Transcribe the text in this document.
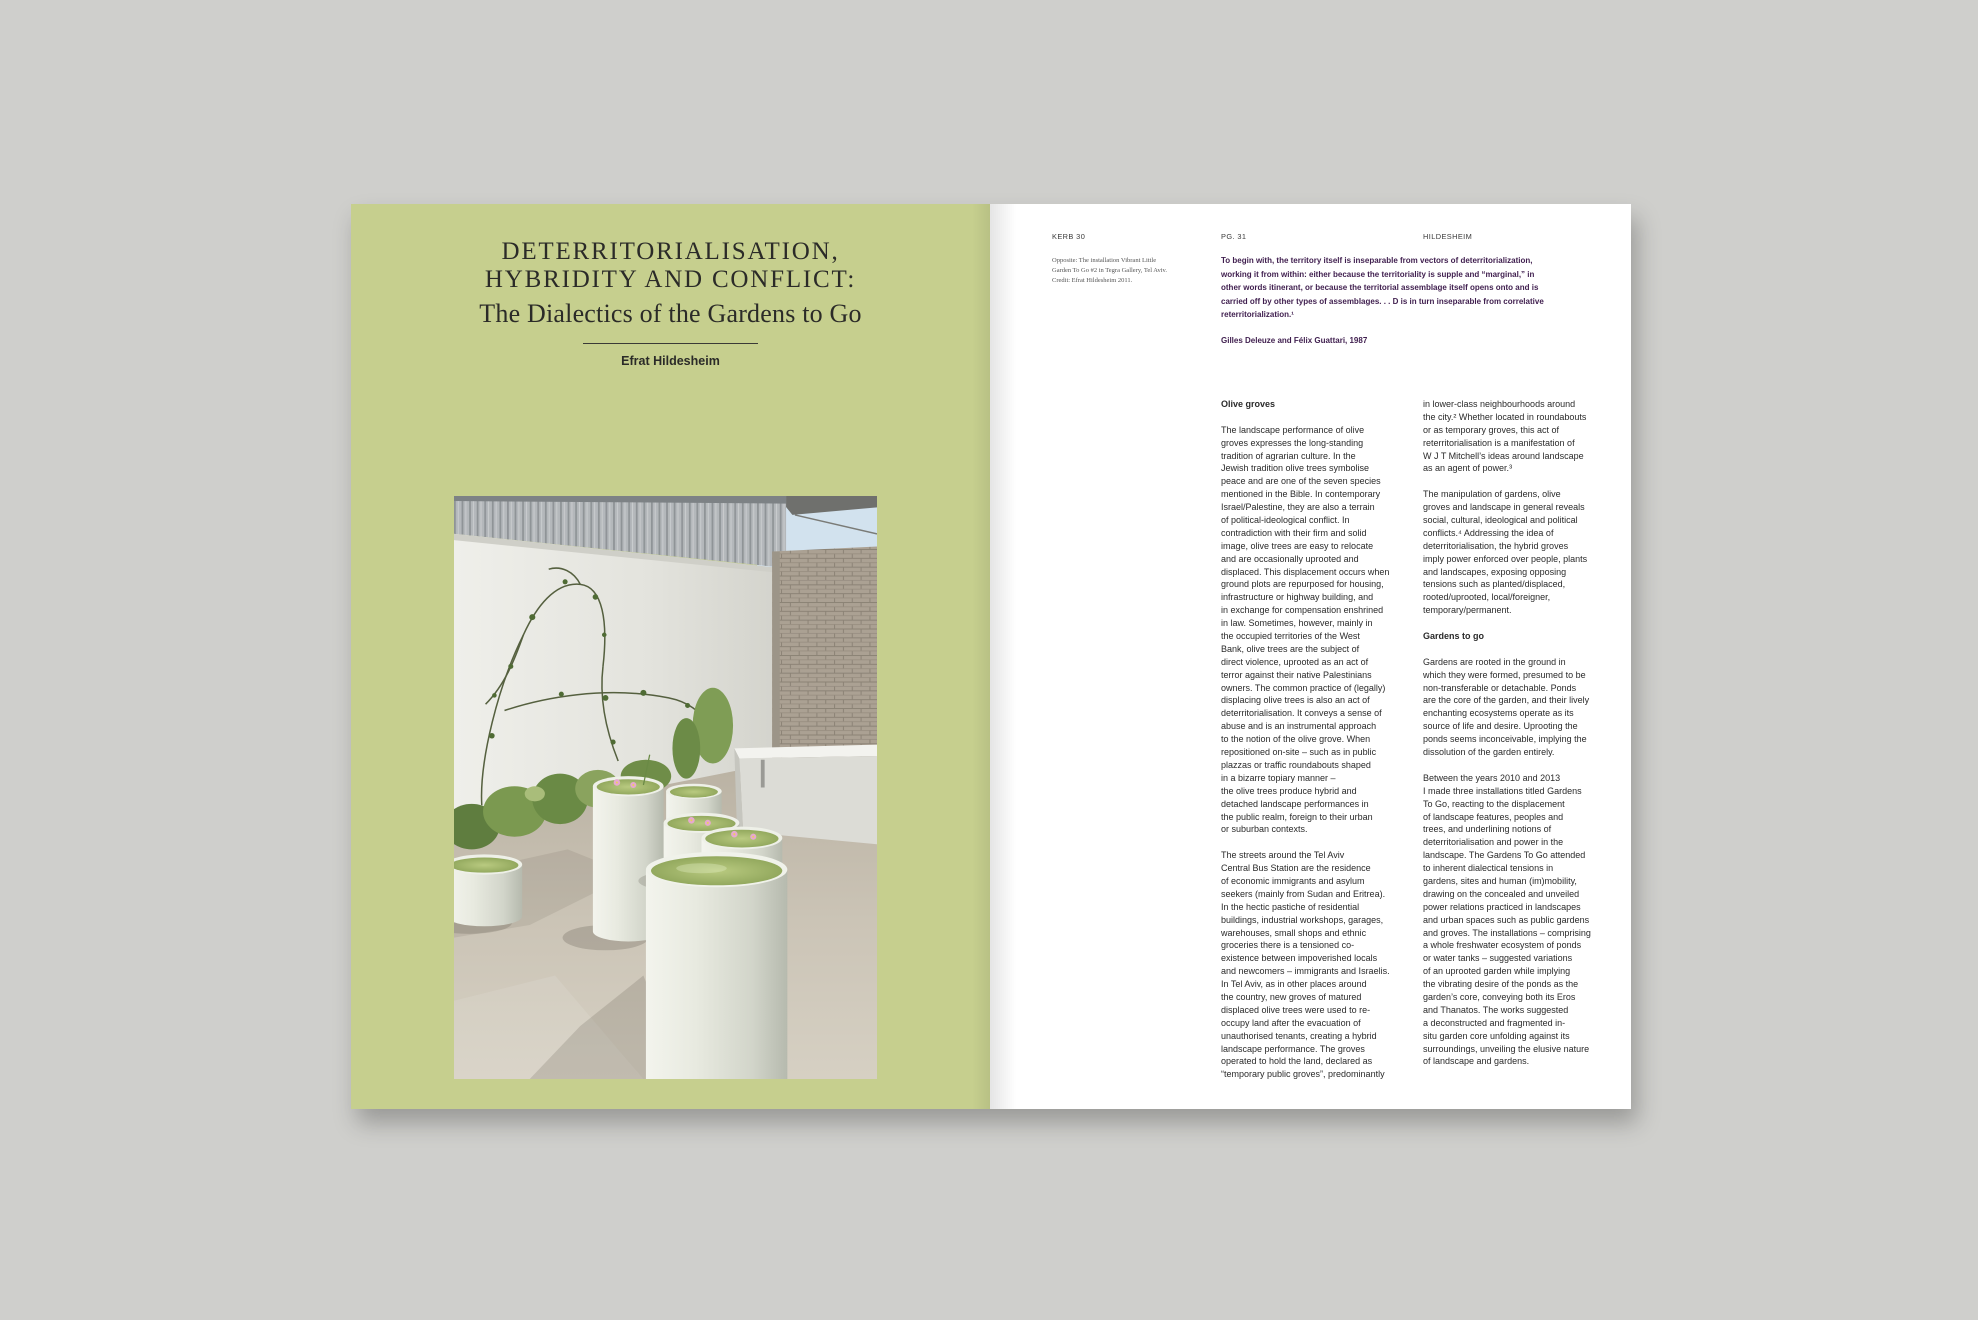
DETERRITORIALISATION,
HYBRIDITY AND CONFLICT:
The Dialectics of the Gardens to Go
Efrat Hildesheim
KERB 30	PG. 31	HILDESHEIM
Opposite: The installation Vibrant Little
Garden To Go #2 in Tegra Gallery, Tel Aviv.
Credit: Efrat Hildesheim 2011.
To begin with, the territory itself is inseparable from vectors of deterritorialization,
working it from within: either because the territoriality is supple and “marginal,” in
other words itinerant, or because the territorial assemblage itself opens onto and is
carried off by other types of assemblages. . . D is in turn inseparable from correlative
reterritorialization.¹
Gilles Deleuze and Félix Guattari, 1987
Olive groves
The landscape performance of olive
groves expresses the long-standing
tradition of agrarian culture. In the
Jewish tradition olive trees symbolise
peace and are one of the seven species
mentioned in the Bible. In contemporary
Israel/Palestine, they are also a terrain
of political-ideological conflict. In
contradiction with their firm and solid
image, olive trees are easy to relocate
and are occasionally uprooted and
displaced. This displacement occurs when
ground plots are repurposed for housing,
infrastructure or highway building, and
in exchange for compensation enshrined
in law. Sometimes, however, mainly in
the occupied territories of the West
Bank, olive trees are the subject of
direct violence, uprooted as an act of
terror against their native Palestinians
owners. The common practice of (legally)
displacing olive trees is also an act of
deterritorialisation. It conveys a sense of
abuse and is an instrumental approach
to the notion of the olive grove. When
repositioned on-site – such as in public
plazzas or traffic roundabouts shaped
in a bizarre topiary manner –
the olive trees produce hybrid and
detached landscape performances in
the public realm, foreign to their urban
or suburban contexts.
The streets around the Tel Aviv
Central Bus Station are the residence
of economic immigrants and asylum
seekers (mainly from Sudan and Eritrea).
In the hectic pastiche of residential
buildings, industrial workshops, garages,
warehouses, small shops and ethnic
groceries there is a tensioned co-
existence between impoverished locals
and newcomers – immigrants and Israelis.
In Tel Aviv, as in other places around
the country, new groves of matured
displaced olive trees were used to re-
occupy land after the evacuation of
unauthorised tenants, creating a hybrid
landscape performance. The groves
operated to hold the land, declared as
“temporary public groves”, predominantly
in lower-class neighbourhoods around
the city.² Whether located in roundabouts
or as temporary groves, this act of
reterritorialisation is a manifestation of
W J T Mitchell’s ideas around landscape
as an agent of power.³
The manipulation of gardens, olive
groves and landscape in general reveals
social, cultural, ideological and political
conflicts.⁴ Addressing the idea of
deterritorialisation, the hybrid groves
imply power enforced over people, plants
and landscapes, exposing opposing
tensions such as planted/displaced,
rooted/uprooted, local/foreigner,
temporary/permanent.
Gardens to go
Gardens are rooted in the ground in
which they were formed, presumed to be
non-transferable or detachable. Ponds
are the core of the garden, and their lively
enchanting ecosystems operate as its
source of life and desire. Uprooting the
ponds seems inconceivable, implying the
dissolution of the garden entirely.
Between the years 2010 and 2013
I made three installations titled Gardens
To Go, reacting to the displacement
of landscape features, peoples and
trees, and underlining notions of
deterritorialisation and power in the
landscape. The Gardens To Go attended
to inherent dialectical tensions in
gardens, sites and human (im)mobility,
drawing on the concealed and unveiled
power relations practiced in landscapes
and urban spaces such as public gardens
and groves. The installations – comprising
a whole freshwater ecosystem of ponds
or water tanks – suggested variations
of an uprooted garden while implying
the vibrating desire of the ponds as the
garden’s core, conveying both its Eros
and Thanatos. The works suggested
a deconstructed and fragmented in-
situ garden core unfolding against its
surroundings, unveiling the elusive nature
of landscape and gardens.
